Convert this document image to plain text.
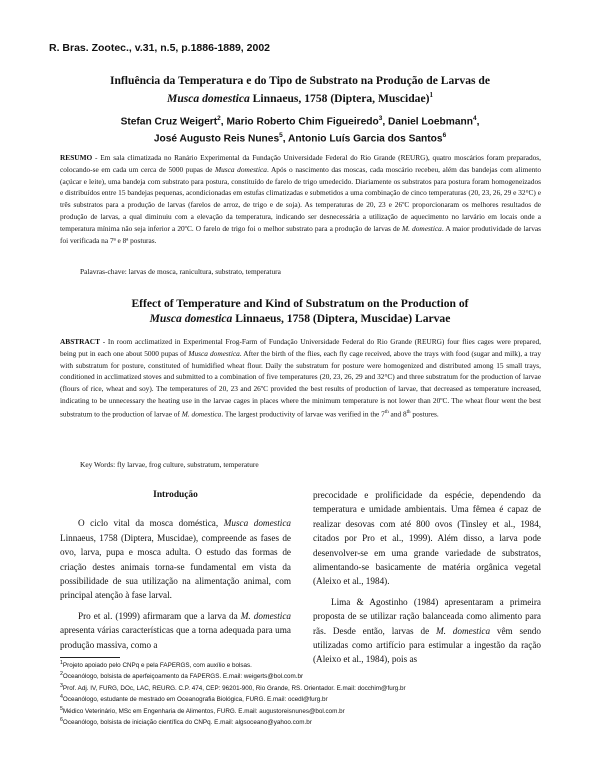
R. Bras. Zootec., v.31, n.5, p.1886-1889, 2002
Influência da Temperatura e do Tipo de Substrato na Produção de Larvas de
Musca domestica Linnaeus, 1758 (Diptera, Muscidae)$^1$
Stefan Cruz Weigert$^2$, Mario Roberto Chim Figueiredo$^3$, Daniel Loebmann$^4$,
José Augusto Reis Nunes$^5$, Antonio Luís Garcia dos Santos$^6$
RESUMO - Em sala climatizada no Ranário Experimental da Fundação Universidade Federal do Rio Grande (REURG), quatro moscários foram preparados, colocando-se em cada um cerca de 5000 pupas de Musca domestica. Após o nascimento das moscas, cada moscário recebeu, além das bandejas com alimento (açúcar e leite), uma bandeja com substrato para postura, constituído de farelo de trigo umedecido. Diariamente os substratos para postura foram homogeneizados e distribuídos entre 15 bandejas pequenas, acondicionadas em estufas climatizadas e submetidos a uma combinação de cinco temperaturas (20, 23, 26, 29 e 32°C) e três substratos para a produção de larvas (farelos de arroz, de trigo e de soja). As temperaturas de 20, 23 e 26ºC proporcionaram os melhores resultados de produção de larvas, a qual diminuiu com a elevação da temperatura, indicando ser desnecessária a utilização de aquecimento no larvário em locais onde a temperatura mínima não seja inferior a 20ºC. O farelo de trigo foi o melhor substrato para a produção de larvas de M. domestica. A maior produtividade de larvas foi verificada na 7ª e 8ª posturas.
Palavras-chave: larvas de mosca, ranicultura, substrato, temperatura
Effect of Temperature and Kind of Substratum on the Production of
Musca domestica Linnaeus, 1758 (Diptera, Muscidae) Larvae
ABSTRACT - In room acclimatized in Experimental Frog-Farm of Fundação Universidade Federal do Rio Grande (REURG) four flies cages were prepared, being put in each one about 5000 pupas of Musca domestica. After the birth of the flies, each fly cage received, above the trays with food (sugar and milk), a tray with substratum for posture, constituted of humidified wheat flour. Daily the substratum for posture were homogenized and distributed among 15 small trays, conditioned in acclimatized stoves and submitted to a combination of five temperatures (20, 23, 26, 29 and 32°C) and three substratum for the production of larvae (flours of rice, wheat and soy). The temperatures of 20, 23 and 26ºC provided the best results of production of larvae, that decreased as temperature increased, indicating to be unnecessary the heating use in the larvae cages in places where the minimum temperature is not lower than 20ºC. The wheat flour went the best substratum to the production of larvae of M. domestica. The largest productivity of larvae was verified in the 7th and 8th postures.
Key Words: fly larvae, frog culture, substratum, temperature
Introdução

O ciclo vital da mosca doméstica, Musca domestica Linnaeus, 1758 (Diptera, Muscidae), compreende as fases de ovo, larva, pupa e mosca adulta. O estudo das formas de criação destes animais torna-se fundamental em vista da possibilidade de sua utilização na alimentação animal, com principal atenção à fase larval.

Pro et al. (1999) afirmaram que a larva da M. domestica apresenta várias características que a torna adequada para uma produção massiva, como a

precocidade e prolificidade da espécie, dependendo da temperatura e umidade ambientais. Uma fêmea é capaz de realizar desovas com até 800 ovos (Tinsley et al., 1984, citados por Pro et al., 1999). Além disso, a larva pode desenvolver-se em uma grande variedade de substratos, alimentando-se basicamente de matéria orgânica vegetal (Aleixo et al., 1984).

Lima & Agostinho (1984) apresentaram a primeira proposta de se utilizar ração balanceada como alimento para rãs. Desde então, larvas de M. domestica vêm sendo utilizadas como artifício para estimular a ingestão da ração (Aleixo et al., 1984), pois as

$^1$Projeto apoiado pelo CNPq e pela FAPERGS, com auxílio e bolsas.
$^2$Oceanólogo, bolsista de aperfeiçoamento da FAPERGS. E.mail: weigerts@bol.com.br
$^3$Prof. Adj. IV, FURG, DOc, LAC, REURG. C.P. 474, CEP: 96201-900, Rio Grande, RS. Orientador. E.mail: docchim@furg.br
$^4$Oceanólogo, estudante de mestrado em Oceanografia Biológica, FURG. E.mail: ocedl@furg.br
$^5$Médico Veterinário, MSc em Engenharia de Alimentos, FURG. E.mail: augustoreisnunes@bol.com.br
$^6$Oceanólogo, bolsista de iniciação científica do CNPq. E.mail: algsoceano@yahoo.com.br
